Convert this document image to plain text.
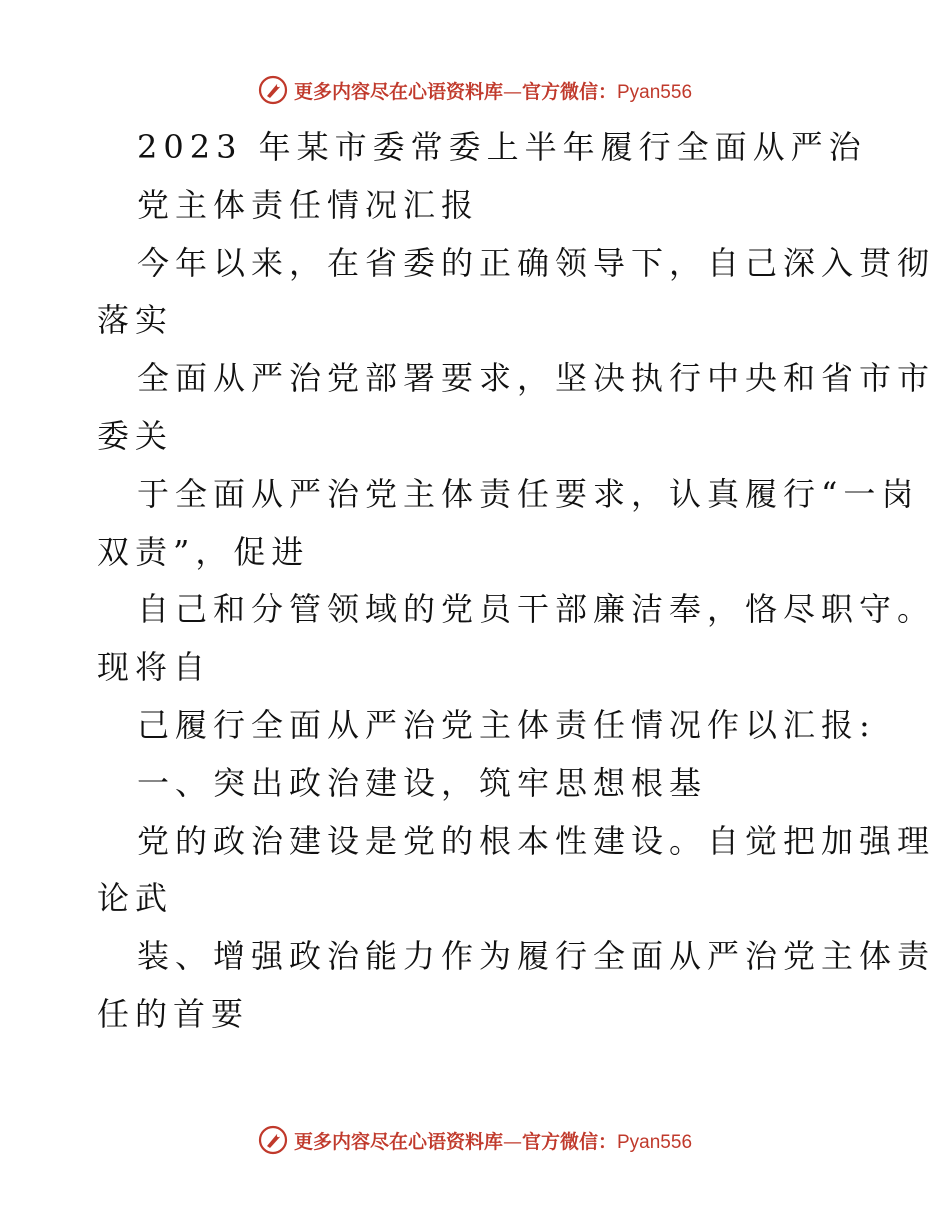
更多内容尽在心语资料库—官方微信：Pyan556
2023 年某市委常委上半年履行全面从严治
党主体责任情况汇报
今年以来，在省委的正确领导下，自己深入贯彻
落实
全面从严治党部署要求，坚决执行中央和省市市
委关
于全面从严治党主体责任要求，认真履行“一岗
双责”，促进
自己和分管领域的党员干部廉洁奉，恪尽职守。
现将自
己履行全面从严治党主体责任情况作以汇报:
一、突出政治建设，筑牢思想根基
党的政治建设是党的根本性建设。自觉把加强理
论武
装、增强政治能力作为履行全面从严治党主体责
任的首要
更多内容尽在心语资料库—官方微信：Pyan556
